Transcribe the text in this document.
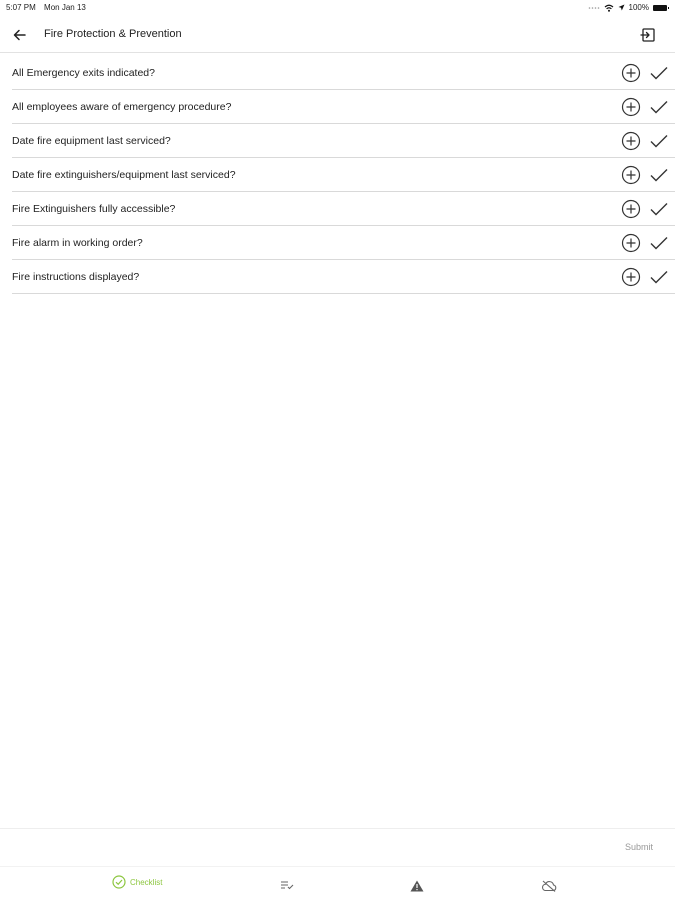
5:07 PM Mon Jan 13	100%
Fire Protection & Prevention
All Emergency exits indicated?
All employees aware of emergency procedure?
Date fire equipment last serviced?
Date fire extinguishers/equipment last serviced?
Fire Extinguishers fully accessible?
Fire alarm in working order?
Fire instructions displayed?
Submit
Checklist
